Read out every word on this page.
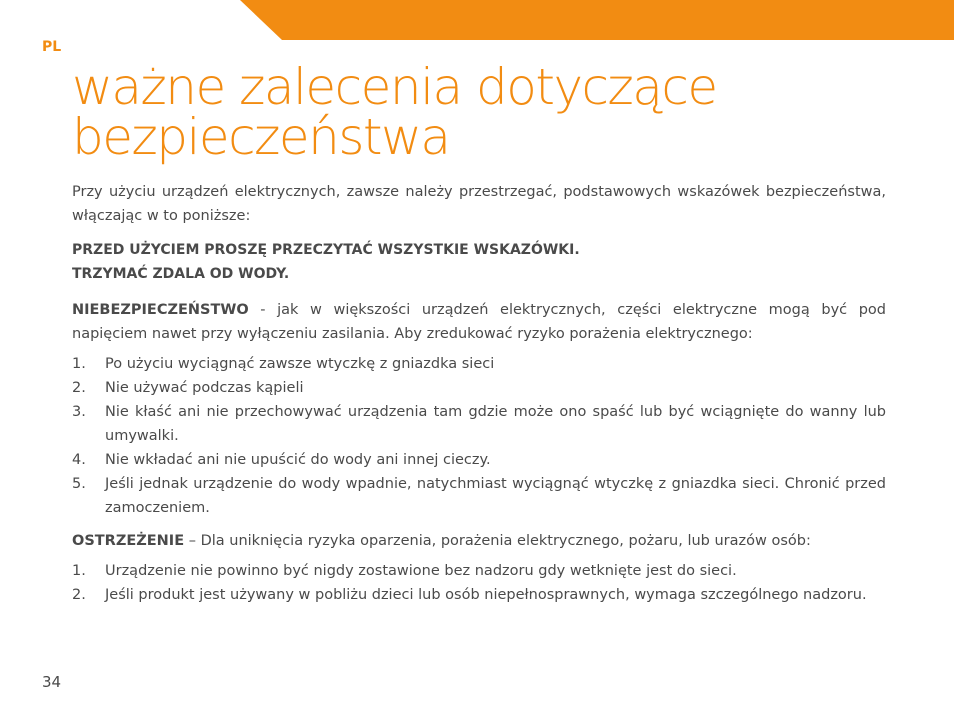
PL
ważne zalecenia dotyczące
bezpieczeństwa

Przy użyciu urządzeń elektrycznych, zawsze należy przestrzegać, podstawowych wskazówek bezpieczeństwa, włączając w to poniższe:

PRZED UŻYCIEM PROSZĘ PRZECZYTAĆ WSZYSTKIE WSKAZÓWKI.
TRZYMAĆ ZDALA OD WODY.

NIEBEZPIECZEŃSTWO - jak w większości urządzeń elektrycznych, części elektryczne mogą być pod napięciem nawet przy wyłączeniu zasilania. Aby zredukować ryzyko porażenia elektrycznego:

1. Po użyciu wyciągnąć zawsze wtyczkę z gniazdka sieci
2. Nie używać podczas kąpieli
3. Nie kłaść ani nie przechowywać urządzenia tam gdzie może ono spaść lub być wciągnięte do wanny lub umywalki.
4. Nie wkładać ani nie upuścić do wody ani innej cieczy.
5. Jeśli jednak urządzenie do wody wpadnie, natychmiast wyciągnąć wtyczkę z gniazdka sieci. Chronić przed zamoczeniem.

OSTRZEŻENIE – Dla uniknięcia ryzyka oparzenia, porażenia elektrycznego, pożaru, lub urazów osób:

1. Urządzenie nie powinno być nigdy zostawione bez nadzoru gdy wetknięte jest do sieci.
2. Jeśli produkt jest używany w pobliżu dzieci lub osób niepełnosprawnych, wymaga szczególnego nadzoru.
34
